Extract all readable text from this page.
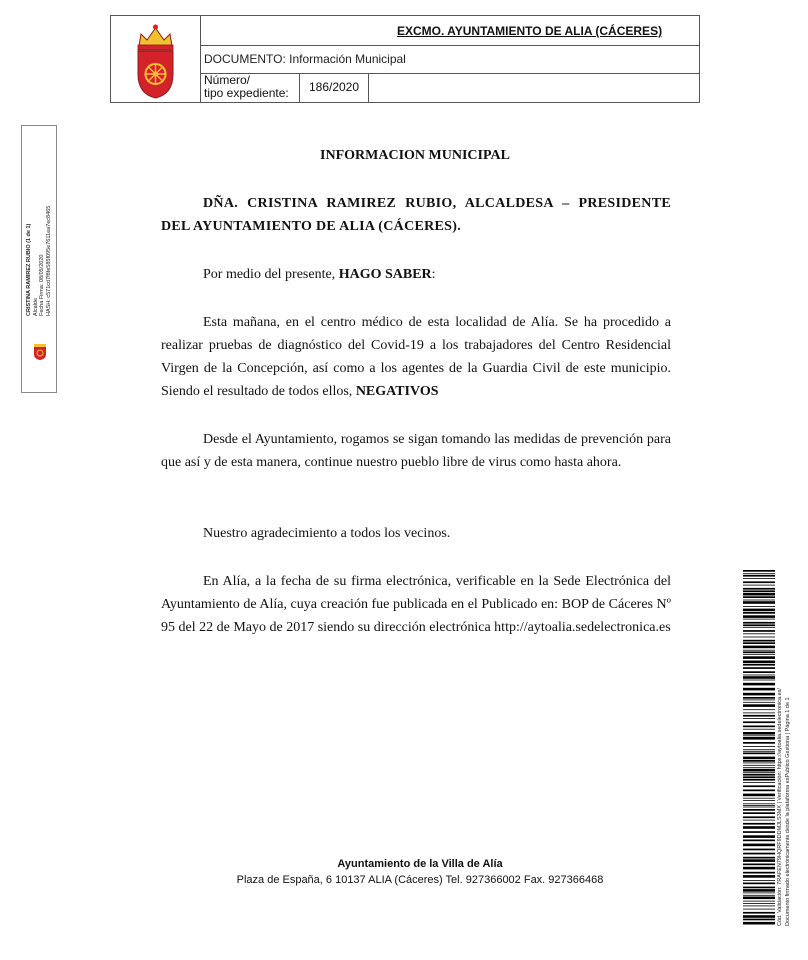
EXCMO. AYUNTAMIENTO DE ALIA (CÁCERES)
DOCUMENTO: Información Municipal
Número/
tipo expediente:	186/2020
CRISTINA RAMIREZ RUBIO (1 de 1) Alcalde Fecha Firma: 08/05/2020 HASH: c571cd7f8fe585f095e7611ea7ec8465
INFORMACION MUNICIPAL
DÑA. CRISTINA RAMIREZ RUBIO, ALCALDESA – PRESIDENTE DEL AYUNTAMIENTO DE ALIA (CÁCERES).
Por medio del presente, HAGO SABER:
Esta mañana, en el centro médico de esta localidad de Alía. Se ha procedido a realizar pruebas de diagnóstico del Covid-19 a los trabajadores del Centro Residencial Virgen de la Concepción, así como a los agentes de la Guardia Civil de este municipio. Siendo el resultado de todos ellos, NEGATIVOS
Desde el Ayuntamiento, rogamos se sigan tomando las medidas de prevención para que así y de esta manera, continue nuestro pueblo libre de virus como hasta ahora.
Nuestro agradecimiento a todos los vecinos.
En Alía, a la fecha de su firma electrónica, verificable en la Sede Electrónica del Ayuntamiento de Alía, cuya creación fue publicada en el Publicado en: BOP de Cáceres Nº 95 del 22 de Mayo de 2017 siendo su dirección electrónica http://aytoalia.sedelectronica.es
Ayuntamiento de la Villa de Alía
Plaza de España, 6 10137 ALIA (Cáceres) Tel. 927366002 Fax. 927366468	Cód. Validación: 7RAFEN79HQRF9DDMJLS3MX | Verificación: https://aytoalia.sedelectronica.es/ Documento firmado electrónicamente desde la plataforma esPublico Gestiona | Página 1 de 1
